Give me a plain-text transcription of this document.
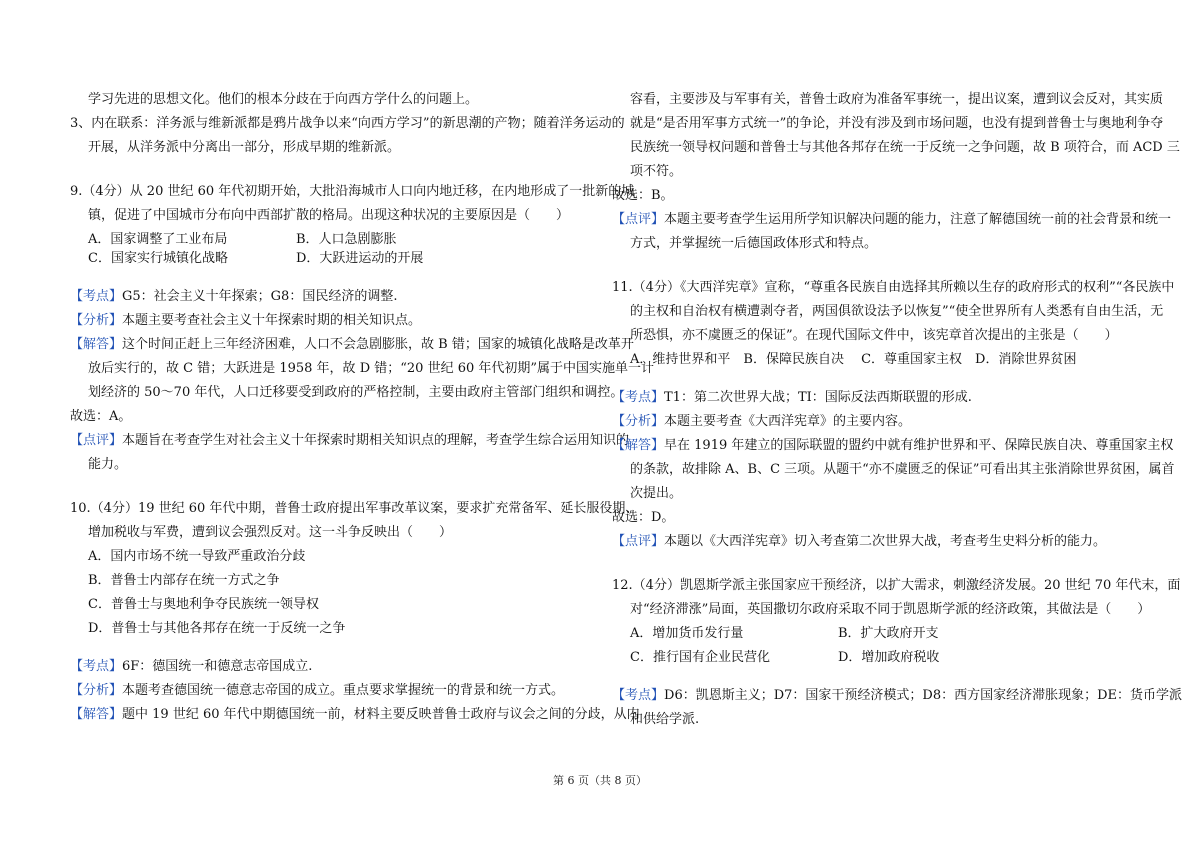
学习先进的思想文化。他们的根本分歧在于向西方学什么的问题上。
3、内在联系：洋务派与维新派都是鸦片战争以来“向西方学习”的新思潮的产物；随着洋务运动的
开展，从洋务派中分离出一部分，形成早期的维新派。
9.（4分）从 20 世纪 60 年代初期开始，大批沿海城市人口向内地迁移，在内地形成了一批新的城
镇，促进了中国城市分布向中西部扩散的格局。出现这种状况的主要原因是（　　）
A．国家调整了工业布局	B．人口急剧膨胀
C．国家实行城镇化战略	D．大跃进运动的开展
【考点】G5：社会主义十年探索；G8：国民经济的调整.
【分析】本题主要考查社会主义十年探索时期的相关知识点。
【解答】这个时间正赶上三年经济困难，人口不会急剧膨胀，故 B 错；国家的城镇化战略是改革开
放后实行的，故 C 错；大跃进是 1958 年，故 D 错；“20 世纪 60 年代初期”属于中国实施单一计
划经济的 50～70 年代，人口迁移要受到政府的严格控制，主要由政府主管部门组织和调控。
故选：A。
【点评】本题旨在考查学生对社会主义十年探索时期相关知识点的理解，考查学生综合运用知识的
能力。
10.（4分）19 世纪 60 年代中期，普鲁士政府提出军事改革议案，要求扩充常备军、延长服役期、
增加税收与军费，遭到议会强烈反对。这一斗争反映出（　　）
A．国内市场不统一导致严重政治分歧
B．普鲁士内部存在统一方式之争
C．普鲁士与奥地利争夺民族统一领导权
D．普鲁士与其他各邦存在统一于反统一之争
【考点】6F：德国统一和德意志帝国成立.
【分析】本题考查德国统一德意志帝国的成立。重点要求掌握统一的背景和统一方式。
【解答】题中 19 世纪 60 年代中期德国统一前，材料主要反映普鲁士政府与议会之间的分歧，从内
容看，主要涉及与军事有关，普鲁士政府为准备军事统一，提出议案，遭到议会反对，其实质
就是“是否用军事方式统一”的争论，并没有涉及到市场问题，也没有提到普鲁士与奥地利争夺
民族统一领导权问题和普鲁士与其他各邦存在统一于反统一之争问题，故 B 项符合，而 ACD 三
项不符。
故选：B。
【点评】本题主要考查学生运用所学知识解决问题的能力，注意了解德国统一前的社会背景和统一
方式，并掌握统一后德国政体形式和特点。
11.（4分）《大西洋宪章》宣称，“尊重各民族自由选择其所赖以生存的政府形式的权利”“各民族中
的主权和自治权有横遭剥夺者，两国俱欲设法予以恢复”“使全世界所有人类悉有自由生活，无
所恐惧，亦不虞匮乏的保证”。在现代国际文件中，该宪章首次提出的主张是（　　）
A．维持世界和平　B．保障民族自决　 C．尊重国家主权　D．消除世界贫困
【考点】T1：第二次世界大战；TI：国际反法西斯联盟的形成.
【分析】本题主要考查《大西洋宪章》的主要内容。
【解答】早在 1919 年建立的国际联盟的盟约中就有维护世界和平、保障民族自决、尊重国家主权
的条款，故排除 A、B、C 三项。从题干“亦不虞匮乏的保证”可看出其主张消除世界贫困，属首
次提出。
故选：D。
【点评】本题以《大西洋宪章》切入考查第二次世界大战，考查考生史料分析的能力。
12.（4分）凯恩斯学派主张国家应干预经济，以扩大需求，刺激经济发展。20 世纪 70 年代末，面
对“经济滞涨”局面，英国撒切尔政府采取不同于凯恩斯学派的经济政策，其做法是（　　）
A．增加货币发行量	B．扩大政府开支
C．推行国有企业民营化	D．增加政府税收
【考点】D6：凯恩斯主义；D7：国家干预经济模式；D8：西方国家经济滞胀现象；DE：货币学派
和供给学派.
第 6 页（共 8 页）
